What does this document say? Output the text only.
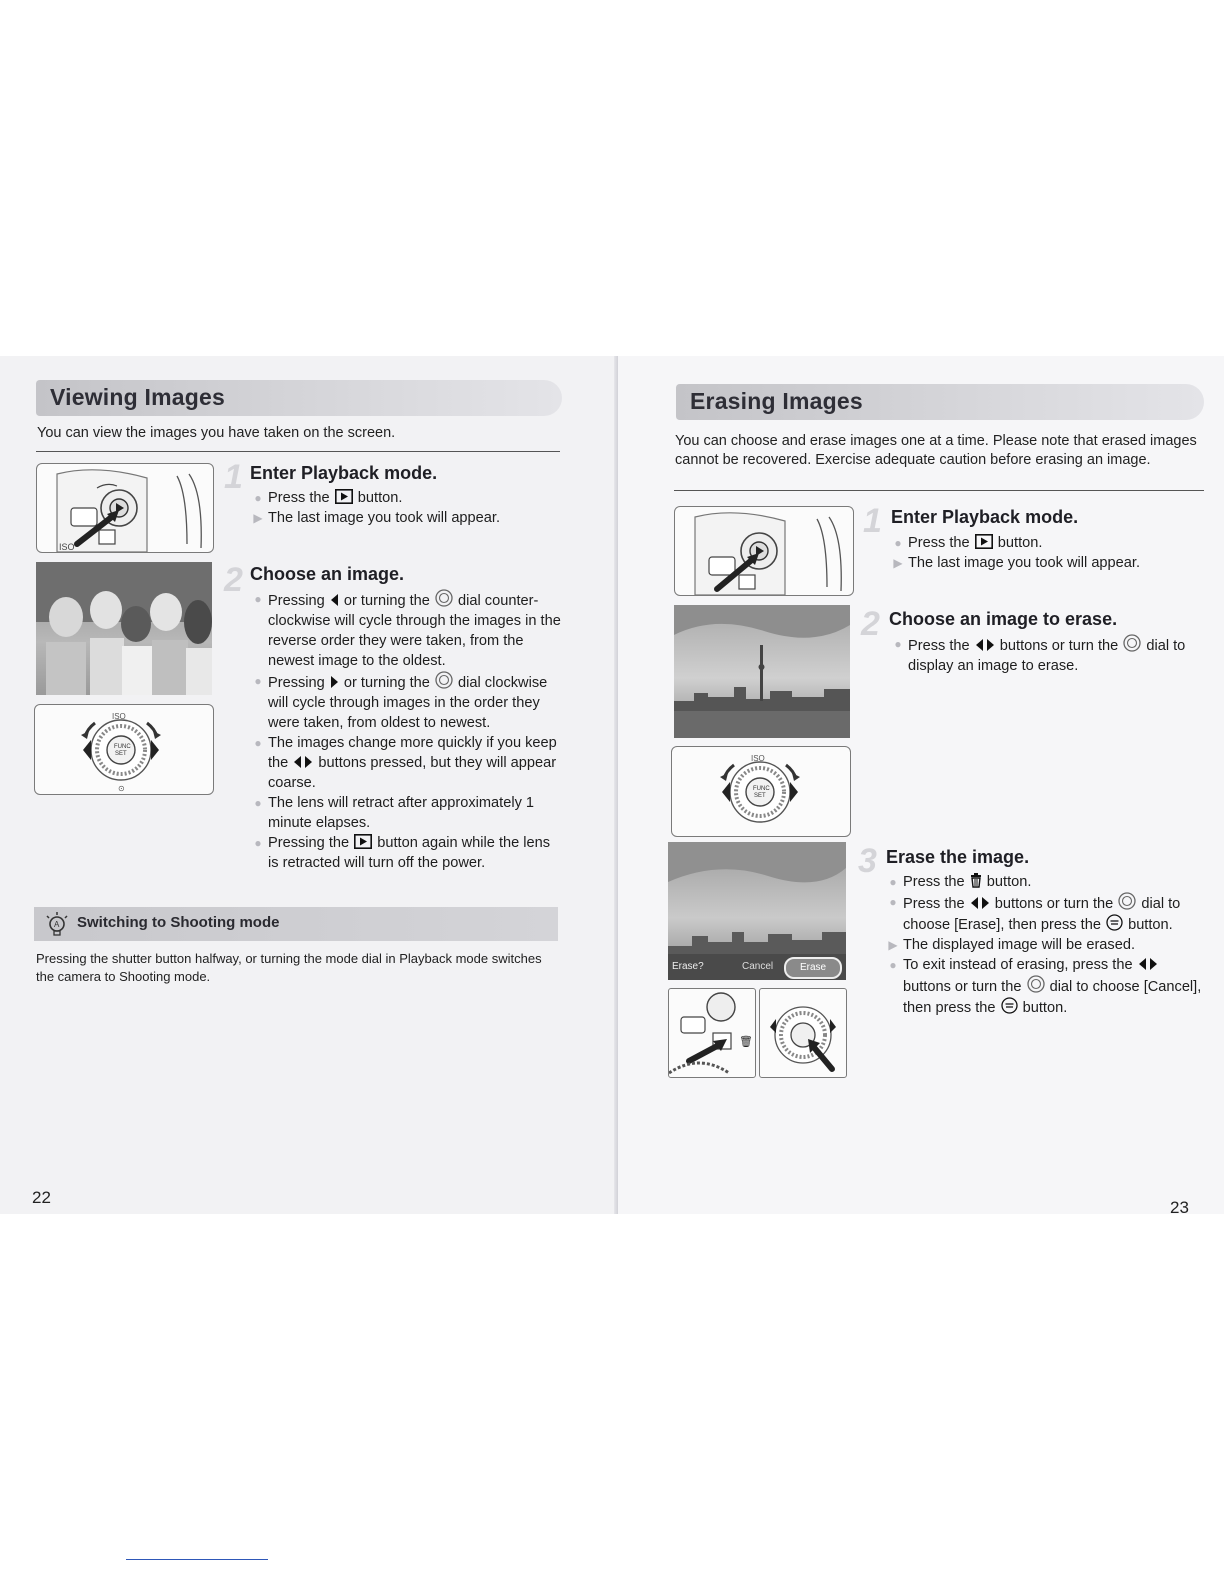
Viewing Images
You can view the images you have taken on the screen.
ISO
FUNC
SET
ISO
⊙
1 Enter Playback mode.
● Press the button.
▶ The last image you took will appear.
2 Choose an image.
● Pressing or turning the dial counter-clockwise will cycle through the images in the reverse order they were taken, from the newest image to the oldest.
● Pressing or turning the dial clockwise will cycle through images in the order they were taken, from oldest to newest.
● The images change more quickly if you keep the buttons pressed, but they will appear coarse.
● The lens will retract after approximately 1 minute elapses.
● Pressing the button again while the lens is retracted will turn off the power.
A Switching to Shooting mode
Pressing the shutter button halfway, or turning the mode dial in Playback mode switches the camera to Shooting mode.
22
Erasing Images
You can choose and erase images one at a time. Please note that erased images cannot be recovered. Exercise adequate caution before erasing an image.
FUNC
SET
ISO
Erase?	Cancel	Erase
🗑
1 Enter Playback mode.
● Press the button.
▶ The last image you took will appear.
2 Choose an image to erase.
● Press the buttons or turn the dial to display an image to erase.
3 Erase the image.
● Press the button.
● Press the buttons or turn the dial to choose [Erase], then press the button.
▶ The displayed image will be erased.
● To exit instead of erasing, press the  buttons or turn the dial to choose [Cancel], then press the button.
23
